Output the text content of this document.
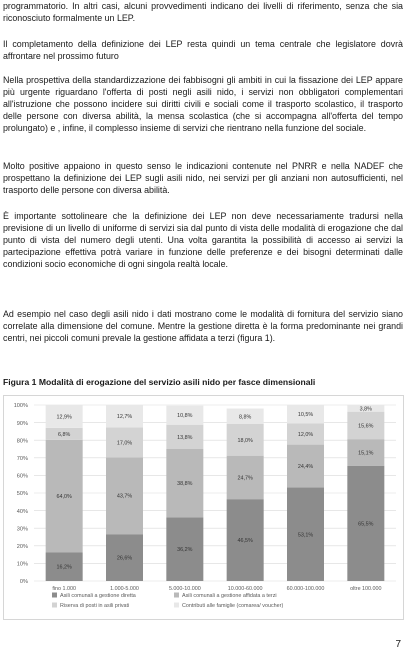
programmatorio. In altri casi, alcuni provvedimenti indicano dei livelli di riferimento, senza che sia riconosciuto formalmente un LEP.

Il completamento della definizione dei LEP resta quindi un tema centrale che legislatore dovrà affrontare nel prossimo futuro

Nella prospettiva della standardizzazione dei fabbisogni gli ambiti in cui la fissazione dei LEP appare più urgente riguardano l'offerta di posti negli asili nido, i servizi non obbligatori complementari all'istruzione che possono incidere sui diritti civili e sociali come il trasporto scolastico, il trasporto delle persone con diversa abilità, la mensa scolastica (che si accompagna all'offerta del tempo prolungato) e , infine, il complesso insieme di servizi che rientrano nella funzione del sociale.

Molto positive appaiono in questo senso le indicazioni contenute nel PNRR e nella NADEF che prospettano la definizione dei LEP sugli asili nido, nei servizi per gli anziani non autosufficienti, nel trasporto delle persone con diversa abilità.

È importante sottolineare che la definizione dei LEP non deve necessariamente tradursi nella previsione di un livello di uniforme di servizi sia dal punto di vista delle modalità di erogazione che dal punto di vista del numero degli utenti. Una volta garantita la possibilità di accesso ai servizi la partecipazione effettiva potrà variare in funzione delle preferenze e dei bisogni determinati dalle condizioni socio economiche di ogni singola realtà locale.

Ad esempio nel caso degli asili nido i dati mostrano come le modalità di fornitura del servizio siano correlate alla dimensione del comune. Mentre la gestione diretta è la forma predominante nei grandi centri, nei piccoli comuni prevale la gestione affidata a terzi (figura 1).

Figura 1 Modalità di erogazione del servizio asili nido per fasce dimensionali

0%
10%
20%
30%
40%
50%
60%
70%
80%
90%
100%
16,2%
64,0%
6,8%
12,9%
fino 1.000
26,6%
43,7%
17,0%
12,7%
1.000-5.000
36,2%
38,8%
13,8%
10,8%
5.000-10.000
46,5%
24,7%
18,0%
8,8%
10.000-60.000
53,1%
24,4%
12,0%
10,5%
60.000-100.000
65,5%
15,1%
15,6%
3,8%
oltre 100.000
Asili comunali a gestione diretta	Asili comunali a gestione affidata a terzi
Riserva di posti in asili privati	Contributi alle famiglie (comarea/ voucher)
7
